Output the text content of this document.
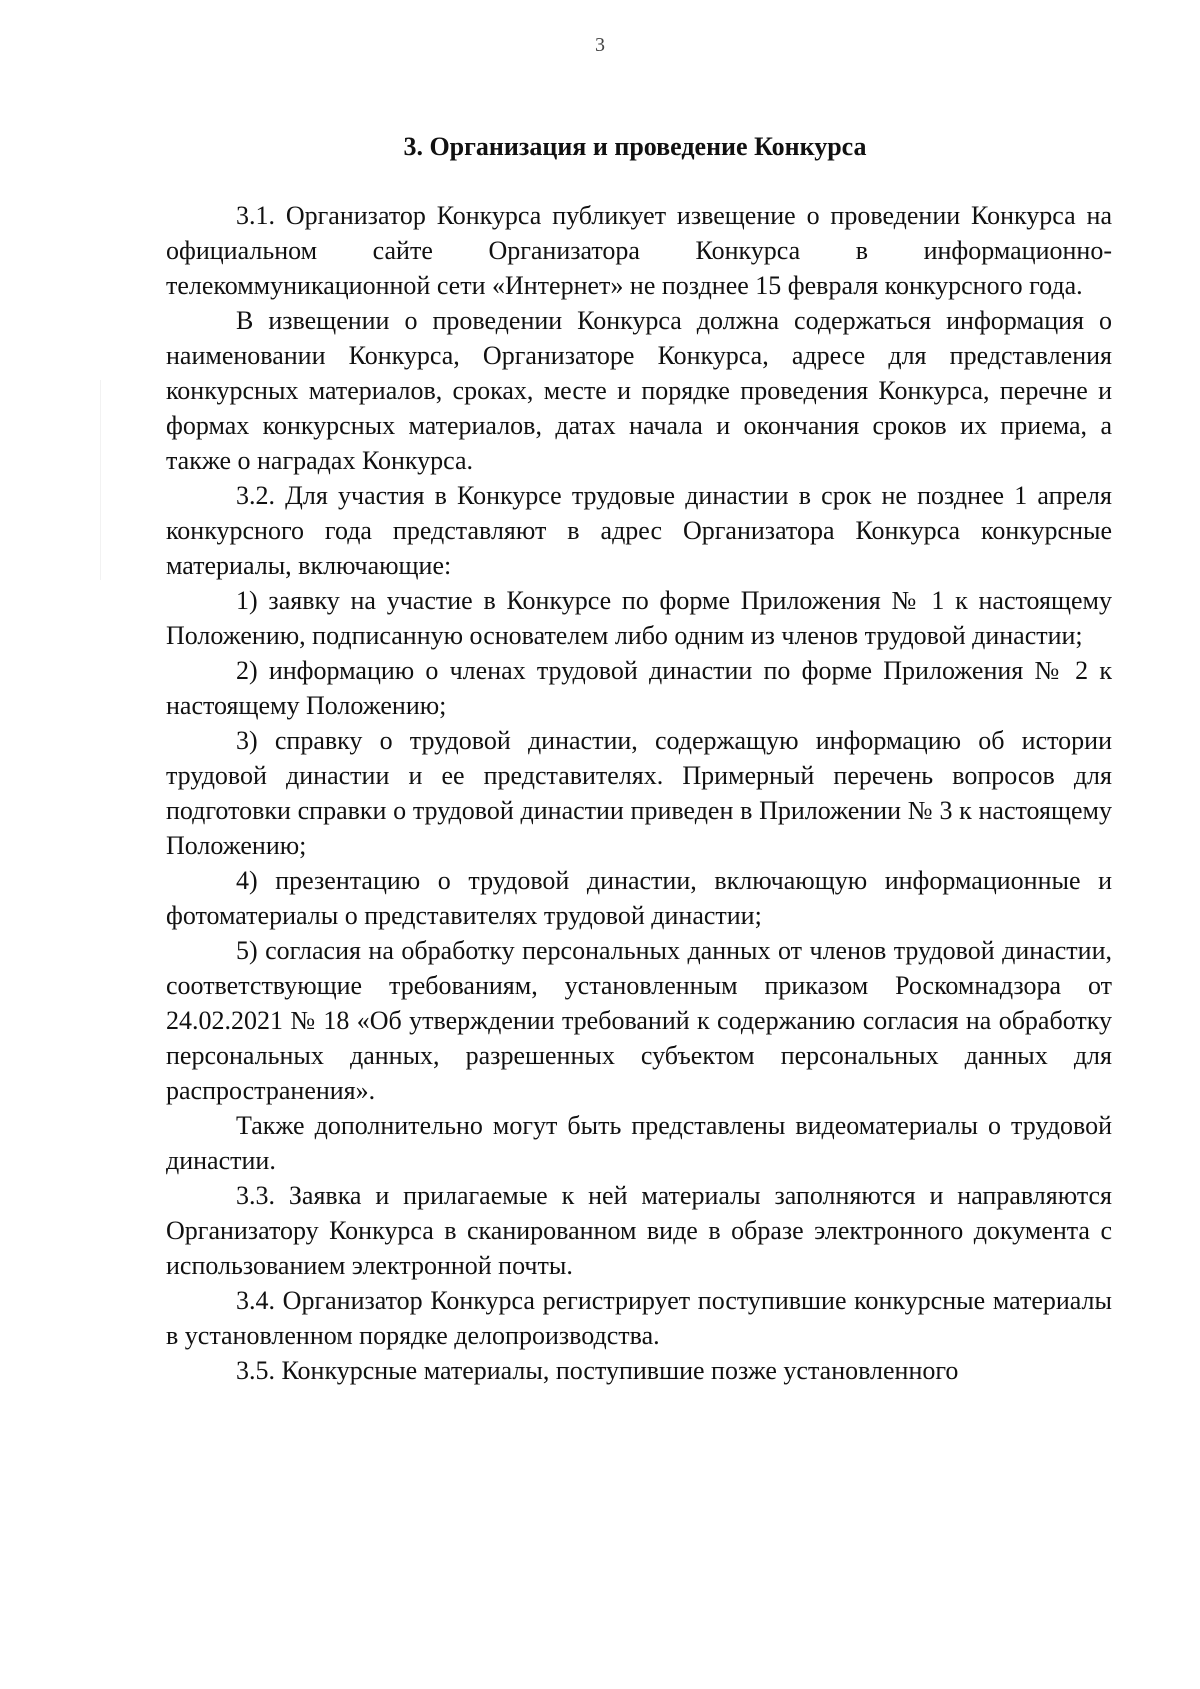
3
3. Организация и проведение Конкурса

3.1. Организатор Конкурса публикует извещение о проведении Конкурса на официальном сайте Организатора Конкурса в информационно-телекоммуникационной сети «Интернет» не позднее 15 февраля конкурсного года.

В извещении о проведении Конкурса должна содержаться информация о наименовании Конкурса, Организаторе Конкурса, адресе для представления конкурсных материалов, сроках, месте и порядке проведения Конкурса, перечне и формах конкурсных материалов, датах начала и окончания сроков их приема, а также о наградах Конкурса.

3.2. Для участия в Конкурсе трудовые династии в срок не позднее 1 апреля конкурсного года представляют в адрес Организатора Конкурса конкурсные материалы, включающие:

1) заявку на участие в Конкурсе по форме Приложения № 1 к настоящему Положению, подписанную основателем либо одним из членов трудовой династии;

2) информацию о членах трудовой династии по форме Приложения № 2 к настоящему Положению;

3) справку о трудовой династии, содержащую информацию об истории трудовой династии и ее представителях. Примерный перечень вопросов для подготовки справки о трудовой династии приведен в Приложении № 3 к настоящему Положению;

4) презентацию о трудовой династии, включающую информационные и фотоматериалы о представителях трудовой династии;

5) согласия на обработку персональных данных от членов трудовой династии, соответствующие требованиям, установленным приказом Роскомнадзора от 24.02.2021 № 18 «Об утверждении требований к содержанию согласия на обработку персональных данных, разрешенных субъектом персональных данных для распространения».

Также дополнительно могут быть представлены видеоматериалы о трудовой династии.

3.3. Заявка и прилагаемые к ней материалы заполняются и направляются Организатору Конкурса в сканированном виде в образе электронного документа с использованием электронной почты.

3.4. Организатор Конкурса регистрирует поступившие конкурсные материалы в установленном порядке делопроизводства.

3.5. Конкурсные материалы, поступившие позже установленного
